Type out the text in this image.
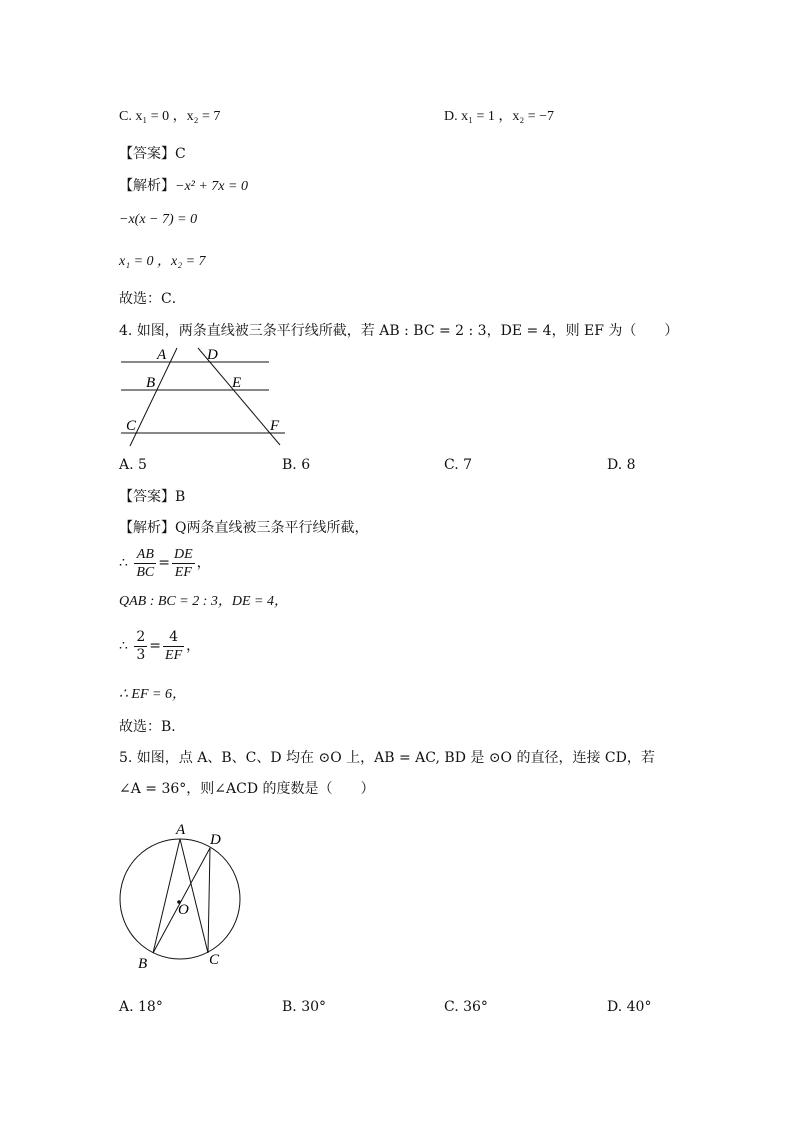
C. x₁ = 0 ，x₂ = 7	D. x₁ = 1 ，x₂ = −7
【答案】C
【解析】−x² + 7x = 0
−x(x − 7) = 0
x₁ = 0 ，x₂ = 7
故选：C．
4. 如图，两条直线被三条平行线所截，若 AB : BC = 2 : 3，DE = 4，则 EF 为（　　）
A
B
C
D
E
F
A. 5	B. 6	C. 7	D. 8
【答案】B
【解析】Q两条直线被三条平行线所截，
∴ $\frac{AB}{BC} = \frac{DE}{EF}$ ，
QAB : BC = 2 : 3，DE = 4，
∴ $\frac{2}{3} = \frac{4}{EF}$ ，
∴ EF = 6，
故选：B．
5. 如图，点 A、B、C、D 均在 ⊙O 上，AB = AC, BD 是 ⊙O 的直径，连接 CD，若
∠A = 36°，则∠ACD 的度数是（　　）
A
B	C
D
O
A. 18°	B. 30°	C. 36°	D. 40°
